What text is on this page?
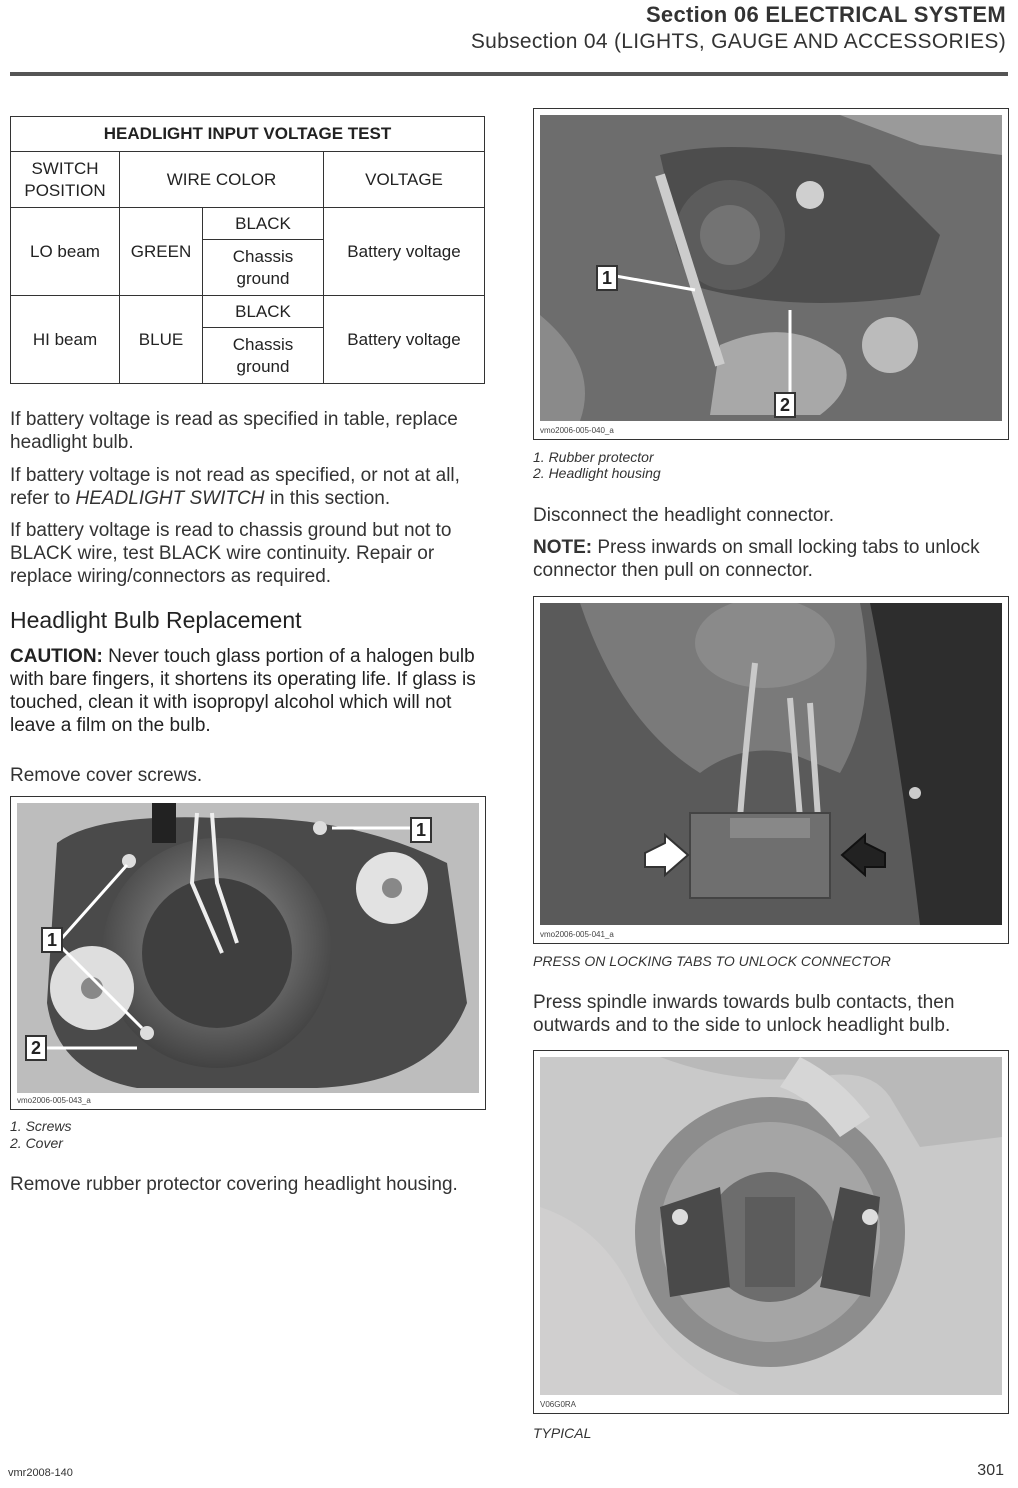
Section 06 ELECTRICAL SYSTEM
Subsection 04 (LIGHTS, GAUGE AND ACCESSORIES)
HEADLIGHT INPUT VOLTAGE TEST			
SWITCH POSITION	WIRE COLOR		VOLTAGE
LO beam	GREEN	BLACK	Battery voltage
		Chassis ground	
HI beam	BLUE	BLACK	Battery voltage
		Chassis ground	
If battery voltage is read as specified in table, replace headlight bulb.
If battery voltage is not read as specified, or not at all, refer to HEADLIGHT SWITCH in this section.
If battery voltage is read to chassis ground but not to BLACK wire, test BLACK wire continuity. Repair or replace wiring/connectors as required.
Headlight Bulb Replacement
CAUTION: Never touch glass portion of a halogen bulb with bare fingers, it shortens its operating life. If glass is touched, clean it with isopropyl alcohol which will not leave a film on the bulb.
Remove cover screws.
1
1
2
vmo2006-005-043_a
1. Screws
2. Cover
Remove rubber protector covering headlight housing.
1
2
vmo2006-005-040_a
1. Rubber protector
2. Headlight housing
Disconnect the headlight connector.
NOTE: Press inwards on small locking tabs to unlock connector then pull on connector.
vmo2006-005-041_a
PRESS ON LOCKING TABS TO UNLOCK CONNECTOR
Press spindle inwards towards bulb contacts, then outwards and to the side to unlock headlight bulb.
V06G0RA
TYPICAL
vmr2008-140	301
